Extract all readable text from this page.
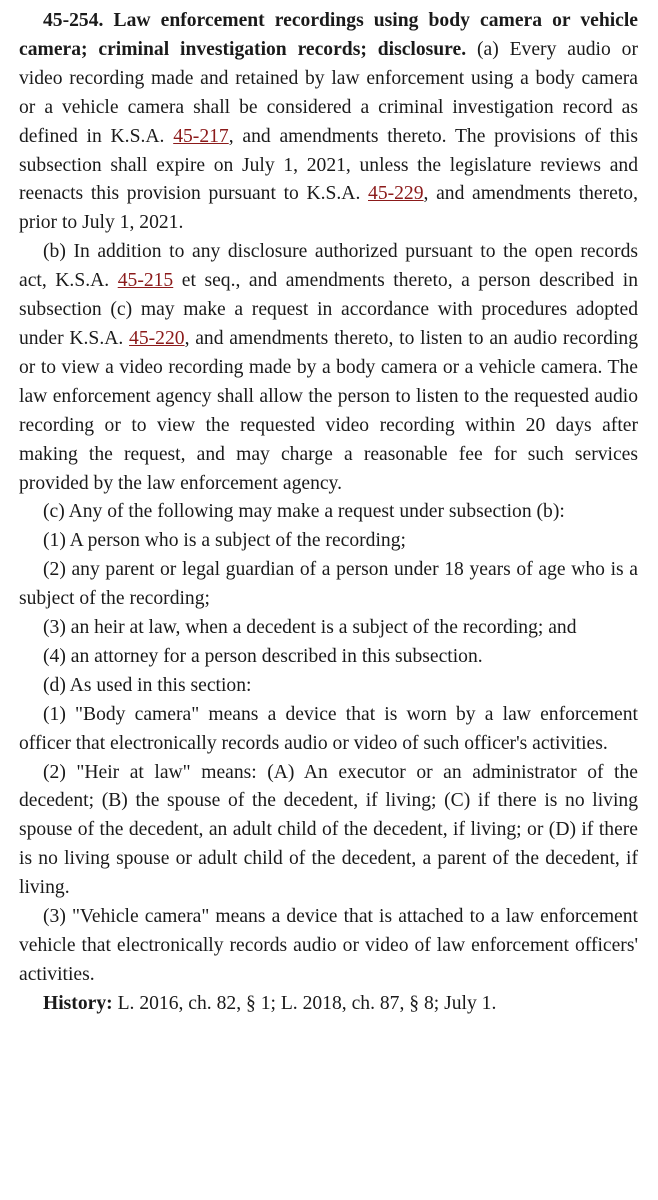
45-254. Law enforcement recordings using body camera or vehicle camera; criminal investigation records; disclosure. (a) Every audio or video recording made and retained by law enforcement using a body camera or a vehicle camera shall be considered a criminal investigation record as defined in K.S.A. 45-217, and amendments thereto. The provisions of this subsection shall expire on July 1, 2021, unless the legislature reviews and reenacts this provision pursuant to K.S.A. 45-229, and amendments thereto, prior to July 1, 2021.

(b) In addition to any disclosure authorized pursuant to the open records act, K.S.A. 45-215 et seq., and amendments thereto, a person described in subsection (c) may make a request in accordance with procedures adopted under K.S.A. 45-220, and amendments thereto, to listen to an audio recording or to view a video recording made by a body camera or a vehicle camera. The law enforcement agency shall allow the person to listen to the requested audio recording or to view the requested video recording within 20 days after making the request, and may charge a reasonable fee for such services provided by the law enforcement agency.

(c) Any of the following may make a request under subsection (b):

(1) A person who is a subject of the recording;

(2) any parent or legal guardian of a person under 18 years of age who is a subject of the recording;

(3) an heir at law, when a decedent is a subject of the recording; and

(4) an attorney for a person described in this subsection.

(d) As used in this section:

(1) "Body camera" means a device that is worn by a law enforcement officer that electronically records audio or video of such officer's activities.

(2) "Heir at law" means: (A) An executor or an administrator of the decedent; (B) the spouse of the decedent, if living; (C) if there is no living spouse of the decedent, an adult child of the decedent, if living; or (D) if there is no living spouse or adult child of the decedent, a parent of the decedent, if living.

(3) "Vehicle camera" means a device that is attached to a law enforcement vehicle that electronically records audio or video of law enforcement officers' activities.

History: L. 2016, ch. 82, § 1; L. 2018, ch. 87, § 8; July 1.
